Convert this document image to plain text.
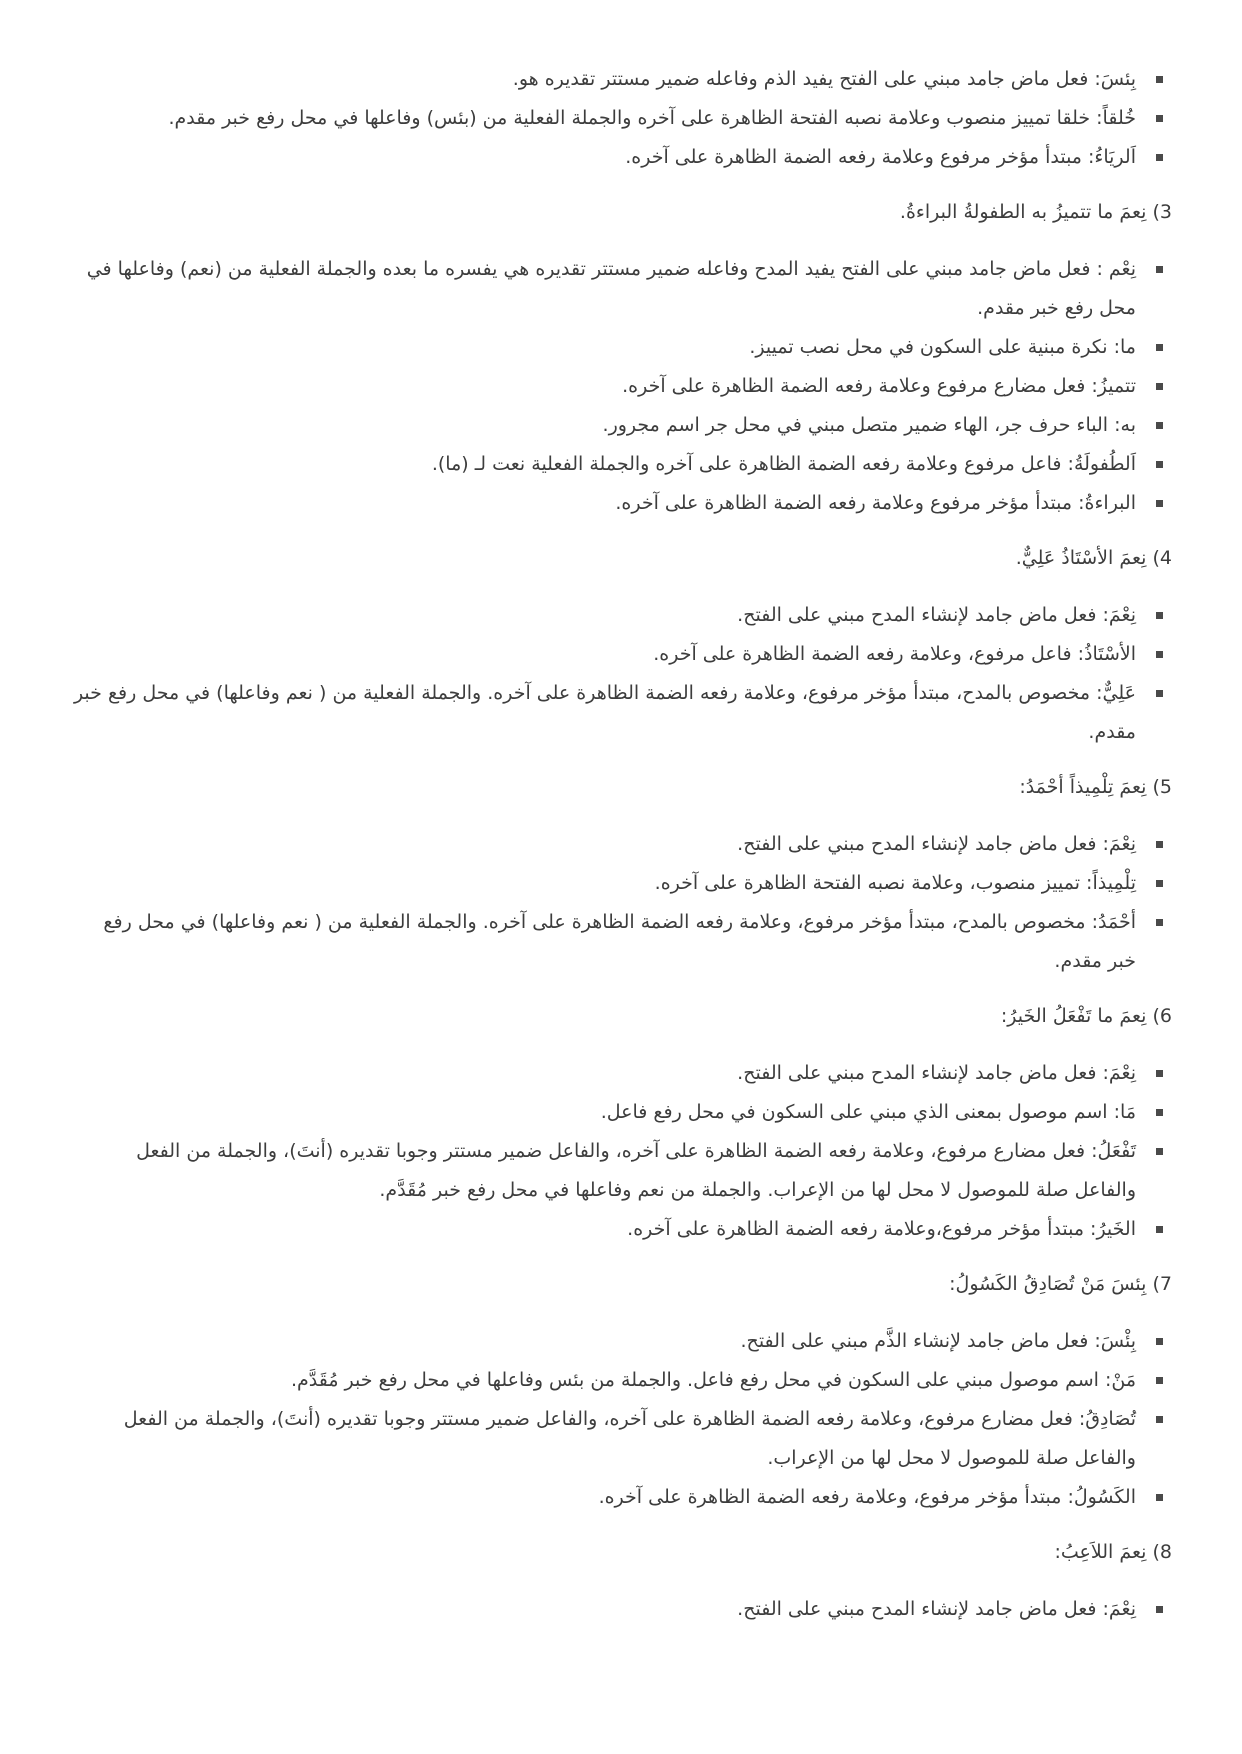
بِئسَ: فعل ماض جامد مبني على الفتح يفيد الذم وفاعله ضمير مستتر تقديره هو.
خُلقاً: خلقا تمييز منصوب وعلامة نصبه الفتحة الظاهرة على آخره والجملة الفعلية من (بئس) وفاعلها في محل رفع خبر مقدم.
اَلريَاءُ: مبتدأ مؤخر مرفوع وعلامة رفعه الضمة الظاهرة على آخره.
3) نِعمَ ما تتميزُ به الطفولةُ البراءةُ.
نِعْم : فعل ماض جامد مبني على الفتح يفيد المدح وفاعله ضمير مستتر تقديره هي يفسره ما بعده والجملة الفعلية من (نعم) وفاعلها في محل رفع خبر مقدم.
ما: نكرة مبنية على السكون في محل نصب تمييز.
تتميزُ: فعل مضارع مرفوع وعلامة رفعه الضمة الظاهرة على آخره.
به: الباء حرف جر، الهاء ضمير متصل مبني في محل جر اسم مجرور.
اَلطُفولَةُ: فاعل مرفوع وعلامة رفعه الضمة الظاهرة على آخره والجملة الفعلية نعت لـ (ما).
البراءةُ: مبتدأ مؤخر مرفوع وعلامة رفعه الضمة الظاهرة على آخره.
4) نِعمَ الأسْتَاذُ عَلِيٌّ.
نِعْمَ: فعل ماض جامد لإنشاء المدح مبني على الفتح.
الأسْتَاذُ: فاعل مرفوع، وعلامة رفعه الضمة الظاهرة على آخره.
عَلِيٌّ: مخصوص بالمدح، مبتدأ مؤخر مرفوع، وعلامة رفعه الضمة الظاهرة على آخره. والجملة الفعلية من ( نعم وفاعلها) في محل رفع خبر مقدم.
5) نِعمَ تِلْمِيذاً أحْمَدُ:
نِعْمَ: فعل ماض جامد لإنشاء المدح مبني على الفتح.
تِلْمِيذاً: تمييز منصوب، وعلامة نصبه الفتحة الظاهرة على آخره.
أحْمَدُ: مخصوص بالمدح، مبتدأ مؤخر مرفوع، وعلامة رفعه الضمة الظاهرة على آخره. والجملة الفعلية من ( نعم وفاعلها) في محل رفع خبر مقدم.
6) نِعمَ ما تَفْعَلُ الخَيرُ:
نِعْمَ: فعل ماض جامد لإنشاء المدح مبني على الفتح.
مَا: اسم موصول بمعنى الذي مبني على السكون في محل رفع فاعل.
تَفْعَلُ: فعل مضارع مرفوع، وعلامة رفعه الضمة الظاهرة على آخره، والفاعل ضمير مستتر وجوبا تقديره (أنتَ)، والجملة من الفعل والفاعل صلة للموصول لا محل لها من الإعراب. والجملة من نعم وفاعلها في محل رفع خبر مُقَدَّم.
الخَيرُ: مبتدأ مؤخر مرفوع،وعلامة رفعه الضمة الظاهرة على آخره.
7) بِئسَ مَنْ تُصَادِقُ الكَسُولُ:
بِئْسَ: فعل ماض جامد لإنشاء الذَّم مبني على الفتح.
مَنْ: اسم موصول مبني على السكون في محل رفع فاعل. والجملة من بئس وفاعلها في محل رفع خبر مُقَدَّم.
تُصَادِقُ: فعل مضارع مرفوع، وعلامة رفعه الضمة الظاهرة على آخره، والفاعل ضمير مستتر وجوبا تقديره (أنتَ)، والجملة من الفعل والفاعل صلة للموصول لا محل لها من الإعراب.
الكَسُولُ: مبتدأ مؤخر مرفوع، وعلامة رفعه الضمة الظاهرة على آخره.
8) نِعمَ اللاَعِبُ:
نِعْمَ: فعل ماض جامد لإنشاء المدح مبني على الفتح.
